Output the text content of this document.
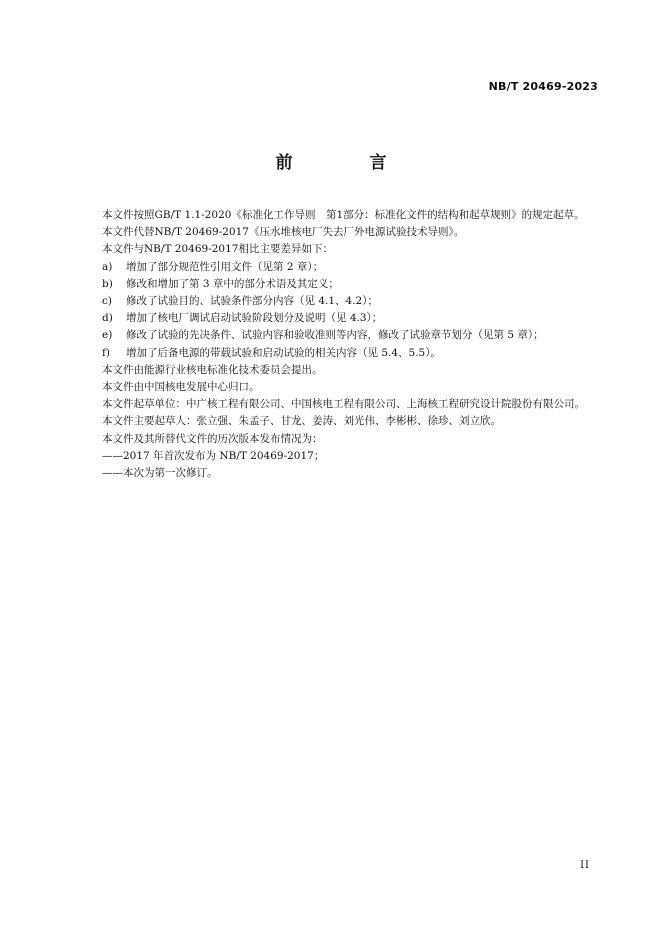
NB/T 20469-2023
前　言

本文件按照GB/T 1.1-2020《标准化工作导则　第1部分：标准化文件的结构和起草规则》的规定起草。

本文件代替NB/T 20469-2017《压水堆核电厂失去厂外电源试验技术导则》。

本文件与NB/T 20469-2017相比主要差异如下：

a)	增加了部分规范性引用文件（见第 2 章）；
b)	修改和增加了第 3 章中的部分术语及其定义；
c)	修改了试验目的、试验条件部分内容（见 4.1、4.2）；
d)	增加了核电厂调试启动试验阶段划分及说明（见 4.3）；
e)	修改了试验的先决条件、试验内容和验收准则等内容，修改了试验章节划分（见第 5 章）；
f)	增加了后备电源的带载试验和启动试验的相关内容（见 5.4、5.5）。

本文件由能源行业核电标准化技术委员会提出。

本文件由中国核电发展中心归口。

本文件起草单位：中广核工程有限公司、中国核电工程有限公司、上海核工程研究设计院股份有限公司。

本文件主要起草人：张立强、朱孟子、甘龙、姜涛、刘光伟、李彬彬、徐珍、刘立欣。

本文件及其所替代文件的历次版本发布情况为：

——2017 年首次发布为 NB/T 20469-2017；

——本次为第一次修订。

II
